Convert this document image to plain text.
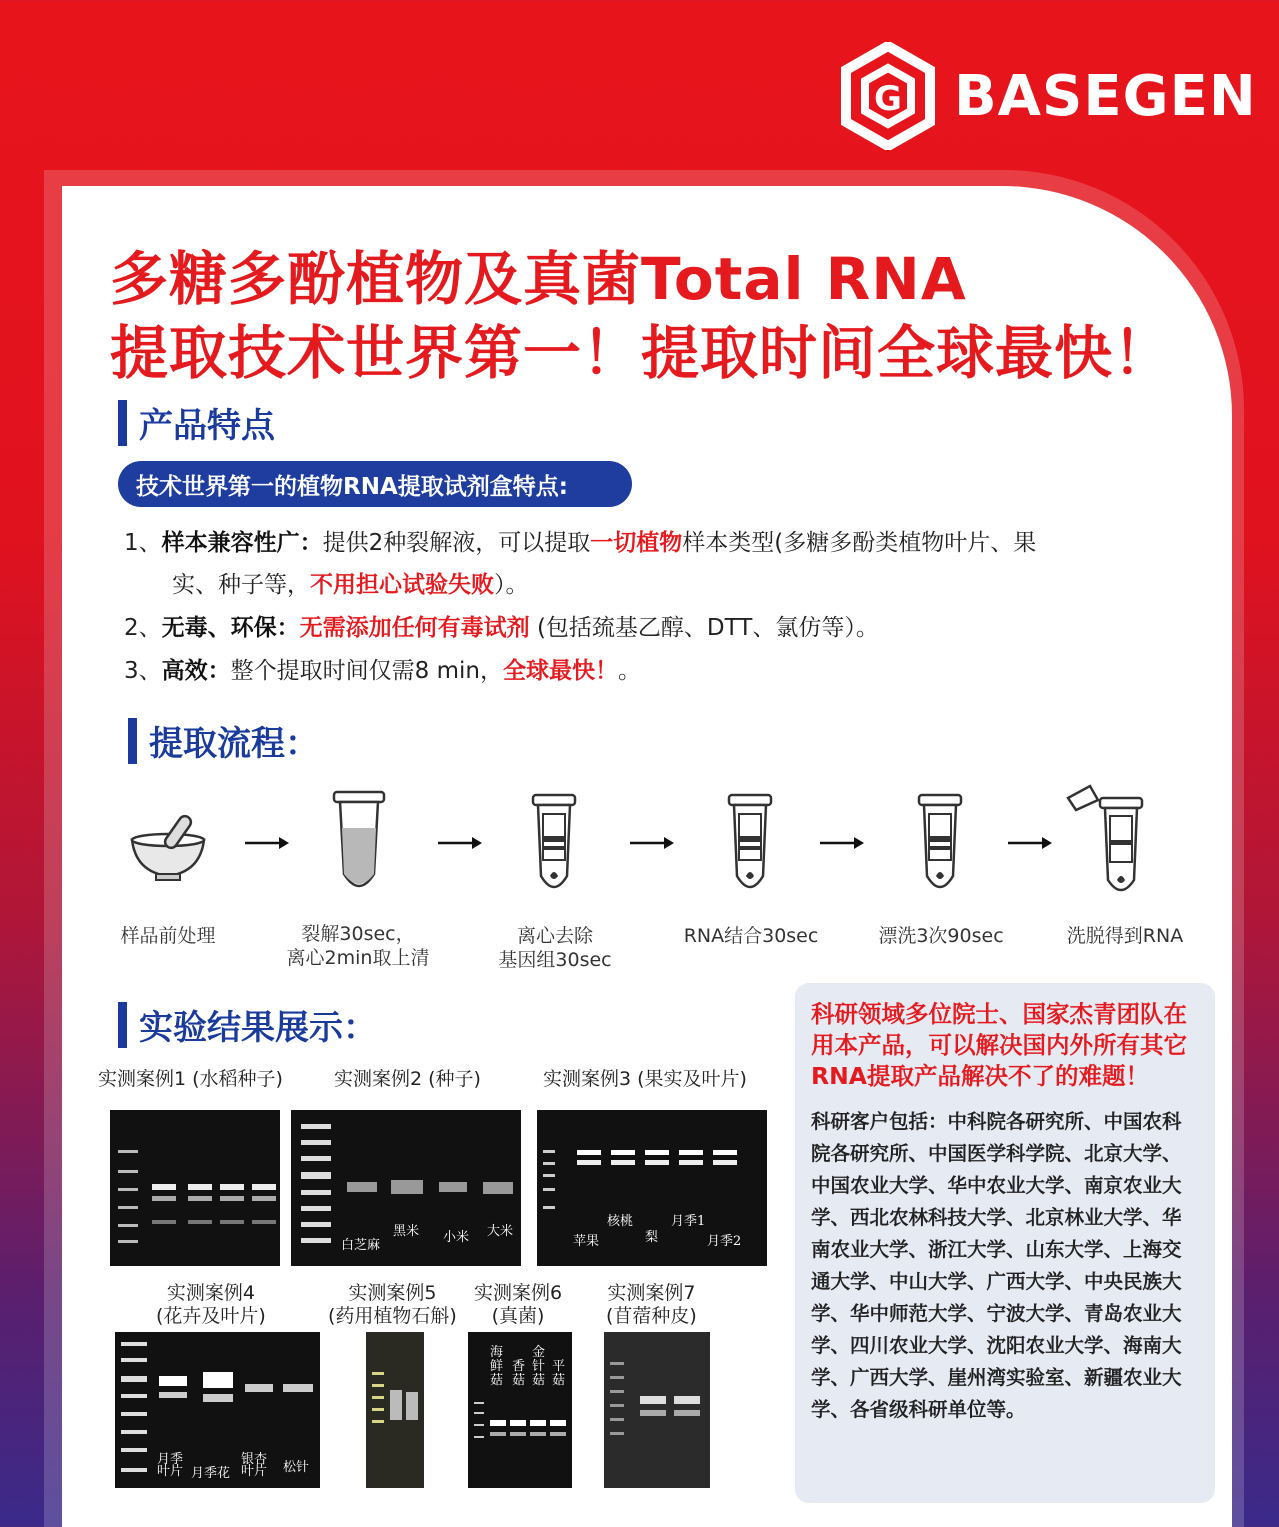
G BASEGEN
多糖多酚植物及真菌Total RNA
提取技术世界第一！提取时间全球最快！
产品特点
技术世界第一的植物RNA提取试剂盒特点:
1、样本兼容性广：提供2种裂解液，可以提取一切植物样本类型(多糖多酚类植物叶片、果
实、种子等，不用担心试验失败）。
2、无毒、环保：无需添加任何有毒试剂 (包括巯基乙醇、DTT、氯仿等）。
3、高效：整个提取时间仅需8 min，全球最快！。
提取流程：
样品前处理	裂解30sec，
离心2min取上清
离心去除
基因组30sec
RNA结合30sec	漂洗3次90sec	洗脱得到RNA
实验结果展示：
实测案例1 (水稻种子)	实测案例2 (种子)	实测案例3 (果实及叶片)
白芝麻
黑米 小米 大米
苹果
核桃
梨
月季1
月季2
实测案例4
(花卉及叶片)
实测案例5
(药用植物石斛)
实测案例6
(真菌)
实测案例7
(苜蓿种皮)
月季
叶片 月季花
银杏
叶片 松针
海
鲜
菇
香
菇
金
针
菇
平
菇
科研领域多位院士、国家杰青团队在用本产品，可以解决国内外所有其它RNA提取产品解决不了的难题！
科研客户包括：中科院各研究所、中国农科院各研究所、中国医学科学院、北京大学、中国农业大学、华中农业大学、南京农业大学、西北农林科技大学、北京林业大学、华南农业大学、浙江大学、山东大学、上海交通大学、中山大学、广西大学、中央民族大学、华中师范大学、宁波大学、青岛农业大学、四川农业大学、沈阳农业大学、海南大学、广西大学、崖州湾实验室、新疆农业大学、各省级科研单位等。
